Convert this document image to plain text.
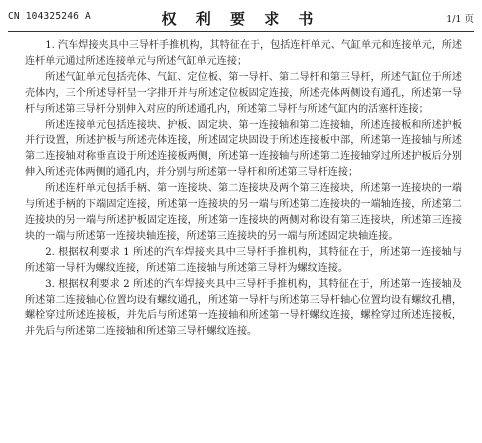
CN 104325246 A	权 利 要 求 书	1/1 页

1. 汽车焊接夹具中三导杆手推机构，其特征在于，包括连杆单元、气缸单元和连接单元，所述连杆单元通过所述连接单元与所述气缸单元连接；

所述气缸单元包括壳体、气缸、定位板、第一导杆、第二导杆和第三导杆，所述气缸位于所述壳体内，三个所述导杆呈一字排开并与所述定位板固定连接，所述壳体两侧设有通孔，所述第一导杆与所述第三导杆分别伸入对应的所述通孔内，所述第二导杆与所述气缸内的活塞杆连接；

所述连接单元包括连接块、护板、固定块、第一连接轴和第二连接轴，所述连接板和所述护板并行设置，所述护板与所述壳体连接，所述固定块固设于所述连接板中部，所述第一连接轴与所述第二连接轴对称垂直设于所述连接板两侧，所述第一连接轴与所述第二连接轴穿过所述护板后分别伸入所述壳体两侧的通孔内，并分别与所述第一导杆和所述第三导杆连接；

所述连杆单元包括手柄、第一连接块、第二连接块及两个第三连接块，所述第一连接块的一端与所述手柄的下端固定连接，所述第一连接块的另一端与所述第二连接块的一端轴连接，所述第二连接块的另一端与所述护板固定连接，所述第一连接块的两侧对称设有第三连接块，所述第三连接块的一端与所述第一连接块轴连接，所述第三连接块的另一端与所述固定块轴连接。

2. 根据权利要求 1 所述的汽车焊接夹具中三导杆手推机构，其特征在于，所述第一连接轴与所述第一导杆为螺纹连接，所述第二连接轴与所述第三导杆为螺纹连接。

3. 根据权利要求 2 所述的汽车焊接夹具中三导杆手推机构，其特征在于，所述第一连接轴及所述第二连接轴心位置均设有螺纹通孔，所述第一导杆与所述第三导杆轴心位置均设有螺纹孔槽，螺栓穿过所述连接板，并先后与所述第一连接轴和所述第一导杆螺纹连接，螺栓穿过所述连接板，并先后与所述第二连接轴和所述第三导杆螺纹连接。
